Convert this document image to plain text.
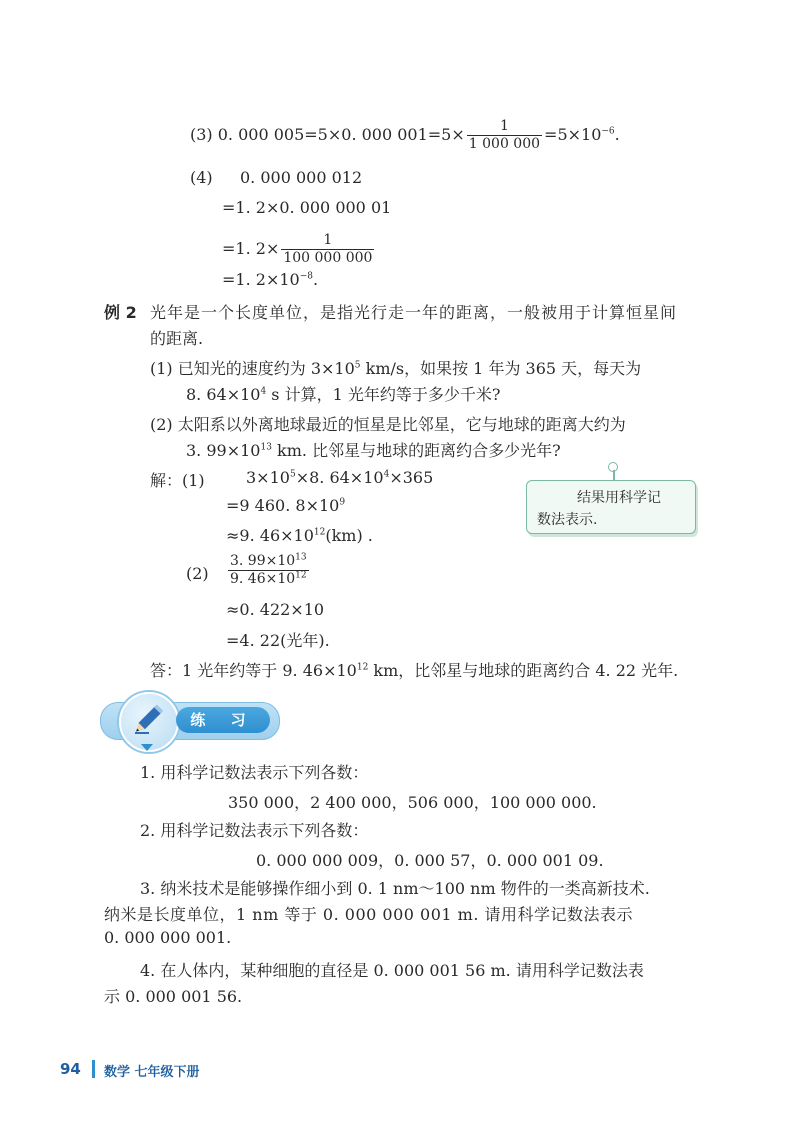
(3) 0. 000 005=5×0. 000 $001=5\times \frac{1}{1 000 000} =5\times 10^{-6}$.
(4) 0. 000 000 012
=1. 2×0. 000 000 01
=1. $2\times \frac{1}{100 000 000}$
=1. $2\times 10^{-8}$.
例 2 光年是一个长度单位，是指光行走一年的距离，一般被用于计算恒星间
的距离.
(1) 已知光的速度约为 $3\times 10^5$ km/s，如果按 1 年为 365 天，每天为
8. $64\times 10^4$ s 计算，1 光年约等于多少千米?
(2) 太阳系以外离地球最近的恒星是比邻星，它与地球的距离大约为
3. $99\times 10^{13}$ km. 比邻星与地球的距离约合多少光年?
解：(1)	$3\times 10^5\times 8$. $64\times 10^4\times 365$
=9 460. $8\times 10^9$
≈9. $46\times 10^{12}(km)$ .
$(2) \frac{3. 99\times 10^{13}}{9. 46\times 10^{12}}$
≈0. 422×10
=4. 22(光年).
答：1 光年约等于 9. $46\times 10^{12}$ km，比邻星与地球的距离约合 4. 22 光年.
结果用科学记
数法表示.
练 习
1. 用科学记数法表示下列各数：
350 000，2 400 000，506 000，100 000 000.
2. 用科学记数法表示下列各数：
0. 000 000 009，0. 000 57，0. 000 001 09.
3. 纳米技术是能够操作细小到 0. 1 nm～100 nm 物件的一类高新技术.
纳米是长度单位，1 nm 等于 0. 000 000 001 m. 请用科学记数法表示
0. 000 000 001.
4. 在人体内，某种细胞的直径是 0. 000 001 56 m. 请用科学记数法表
示 0. 000 001 56.
94 数学 七年级下册
